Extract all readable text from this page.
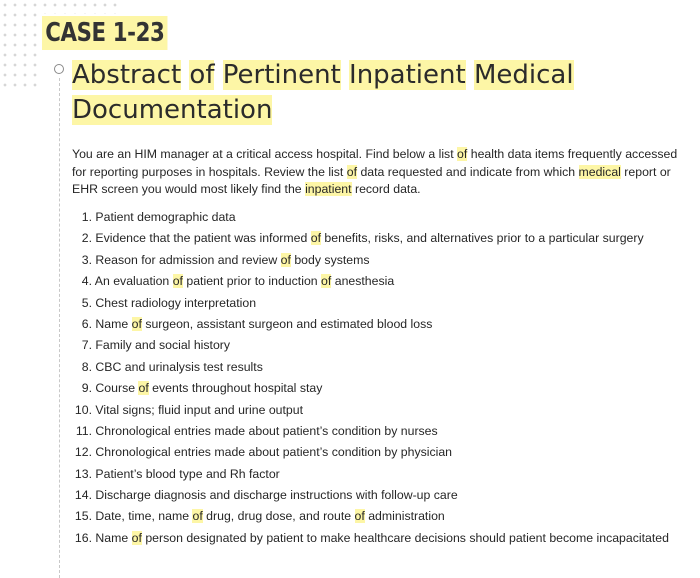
CASE 1-23
Abstract of Pertinent Inpatient Medical Documentation

You are an HIM manager at a critical access hospital. Find below a list of health data items frequently accessed for reporting purposes in hospitals. Review the list of data requested and indicate from which medical report or EHR screen you would most likely find the inpatient record data.

1. Patient demographic data
2. Evidence that the patient was informed of benefits, risks, and alternatives prior to a particular surgery
3. Reason for admission and review of body systems
4. An evaluation of patient prior to induction of anesthesia
5. Chest radiology interpretation
6. Name of surgeon, assistant surgeon and estimated blood loss
7. Family and social history
8. CBC and urinalysis test results
9. Course of events throughout hospital stay
10. Vital signs; fluid input and urine output
11. Chronological entries made about patient’s condition by nurses
12. Chronological entries made about patient’s condition by physician
13. Patient’s blood type and Rh factor
14. Discharge diagnosis and discharge instructions with follow-up care
15. Date, time, name of drug, drug dose, and route of administration
16. Name of person designated by patient to make healthcare decisions should patient become incapacitated
